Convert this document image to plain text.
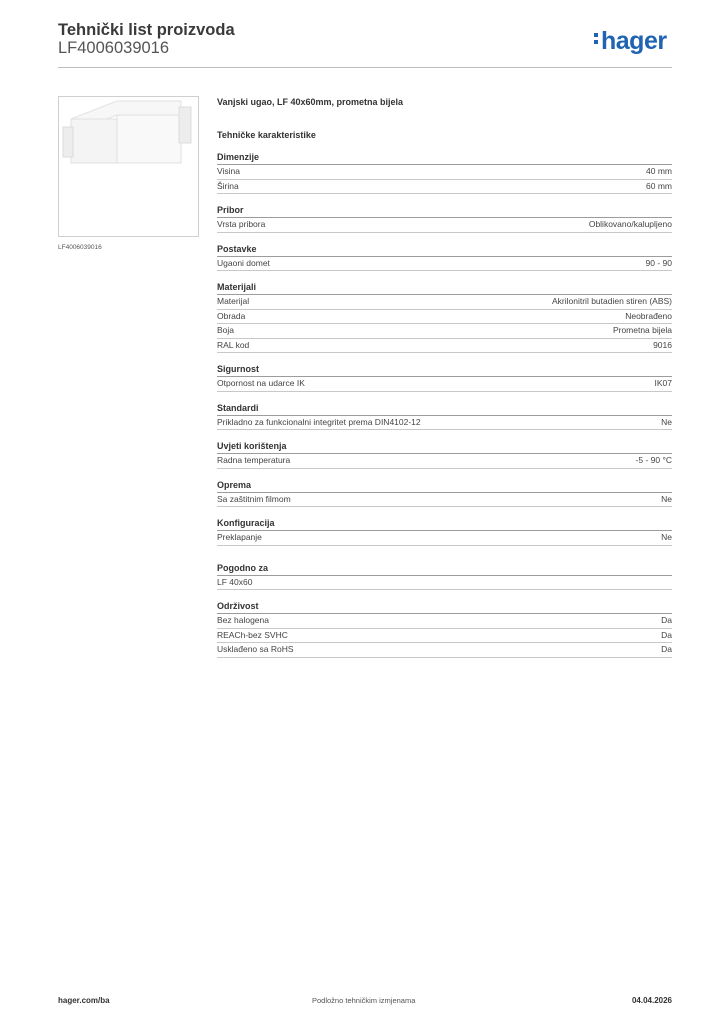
Tehnički list proizvoda
LF4006039016	hager
LF4006039016
Vanjski ugao, LF 40x60mm, prometna bijela
Tehničke karakteristike
Dimenzije
Visina	40 mm
Širina	60 mm
Pribor
Vrsta pribora	Oblikovano/kalupljeno
Postavke
Ugaoni domet	90 - 90
Materijali
Materijal	Akrilonitril butadien stiren (ABS)
Obrada	Neobrađeno
Boja	Prometna bijela
RAL kod	9016
Sigurnost
Otpornost na udarce IK	IK07
Standardi
Prikladno za funkcionalni integritet prema DIN4102-12	Ne
Uvjeti korištenja
Radna temperatura	-5 - 90 °C
Oprema
Sa zaštitnim filmom	Ne
Konfiguracija
Preklapanje	Ne
Pogodno za
LF 40x60
Održivost
Bez halogena	Da
REACh-bez SVHC	Da
Usklađeno sa RoHS	Da
hager.com/ba	Podložno tehničkim izmjenama	04.04.2026
